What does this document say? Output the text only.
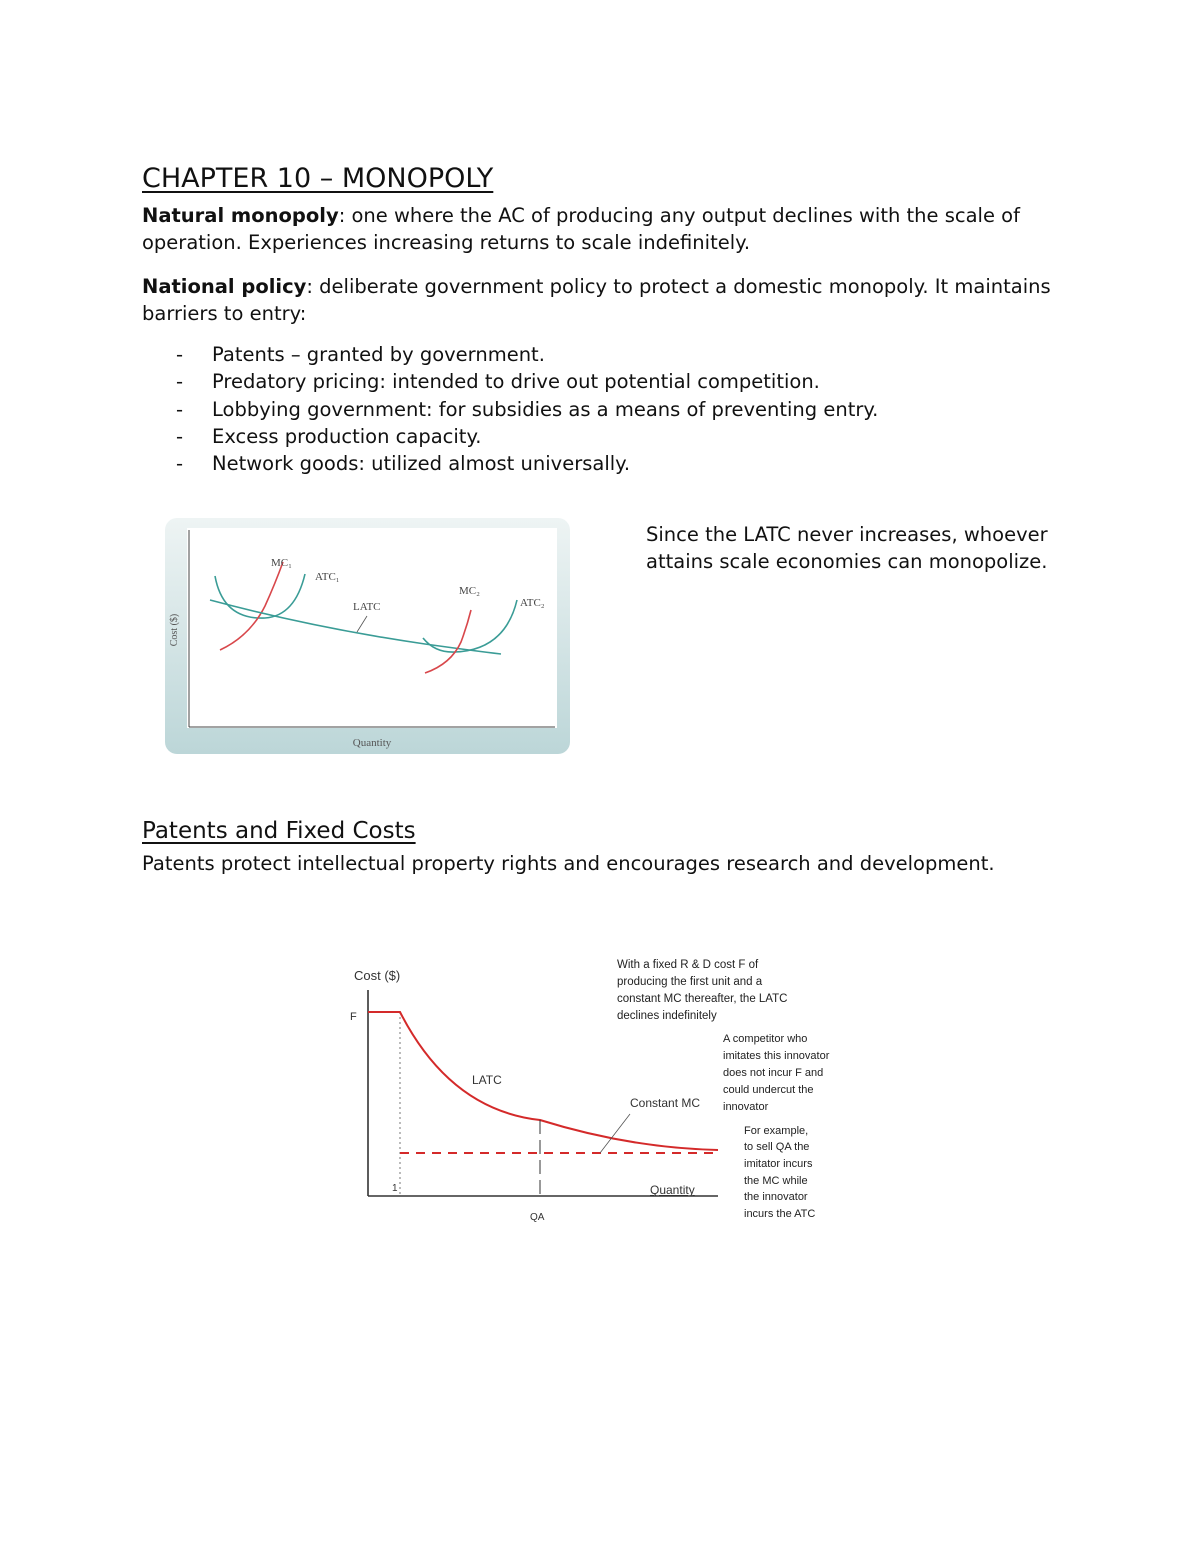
CHAPTER 10 – MONOPOLY
Natural monopoly: one where the AC of producing any output declines with the scale of operation. Experiences increasing returns to scale indefinitely.
National policy: deliberate government policy to protect a domestic monopoly. It maintains barriers to entry:
- Patents – granted by government.
- Predatory pricing: intended to drive out potential competition.
- Lobbying government: for subsidies as a means of preventing entry.
- Excess production capacity.
- Network goods: utilized almost universally.
Cost ($)
Quantity
MC₁
ATC₁
LATC
MC₂
ATC₂
Since the LATC never increases, whoever attains scale economies can monopolize.
Patents and Fixed Costs
Patents protect intellectual property rights and encourages research and development.
Cost ($)
F
1
QA
LATC
Constant MC
Quantity
With a fixed R & D cost F of
producing the first unit and a
constant MC thereafter, the LATC
declines indefinitely
A competitor who
imitates this innovator
does not incur F and
could undercut the
innovator
For example,
to sell QA the
imitator incurs
the MC while
the innovator
incurs the ATC
